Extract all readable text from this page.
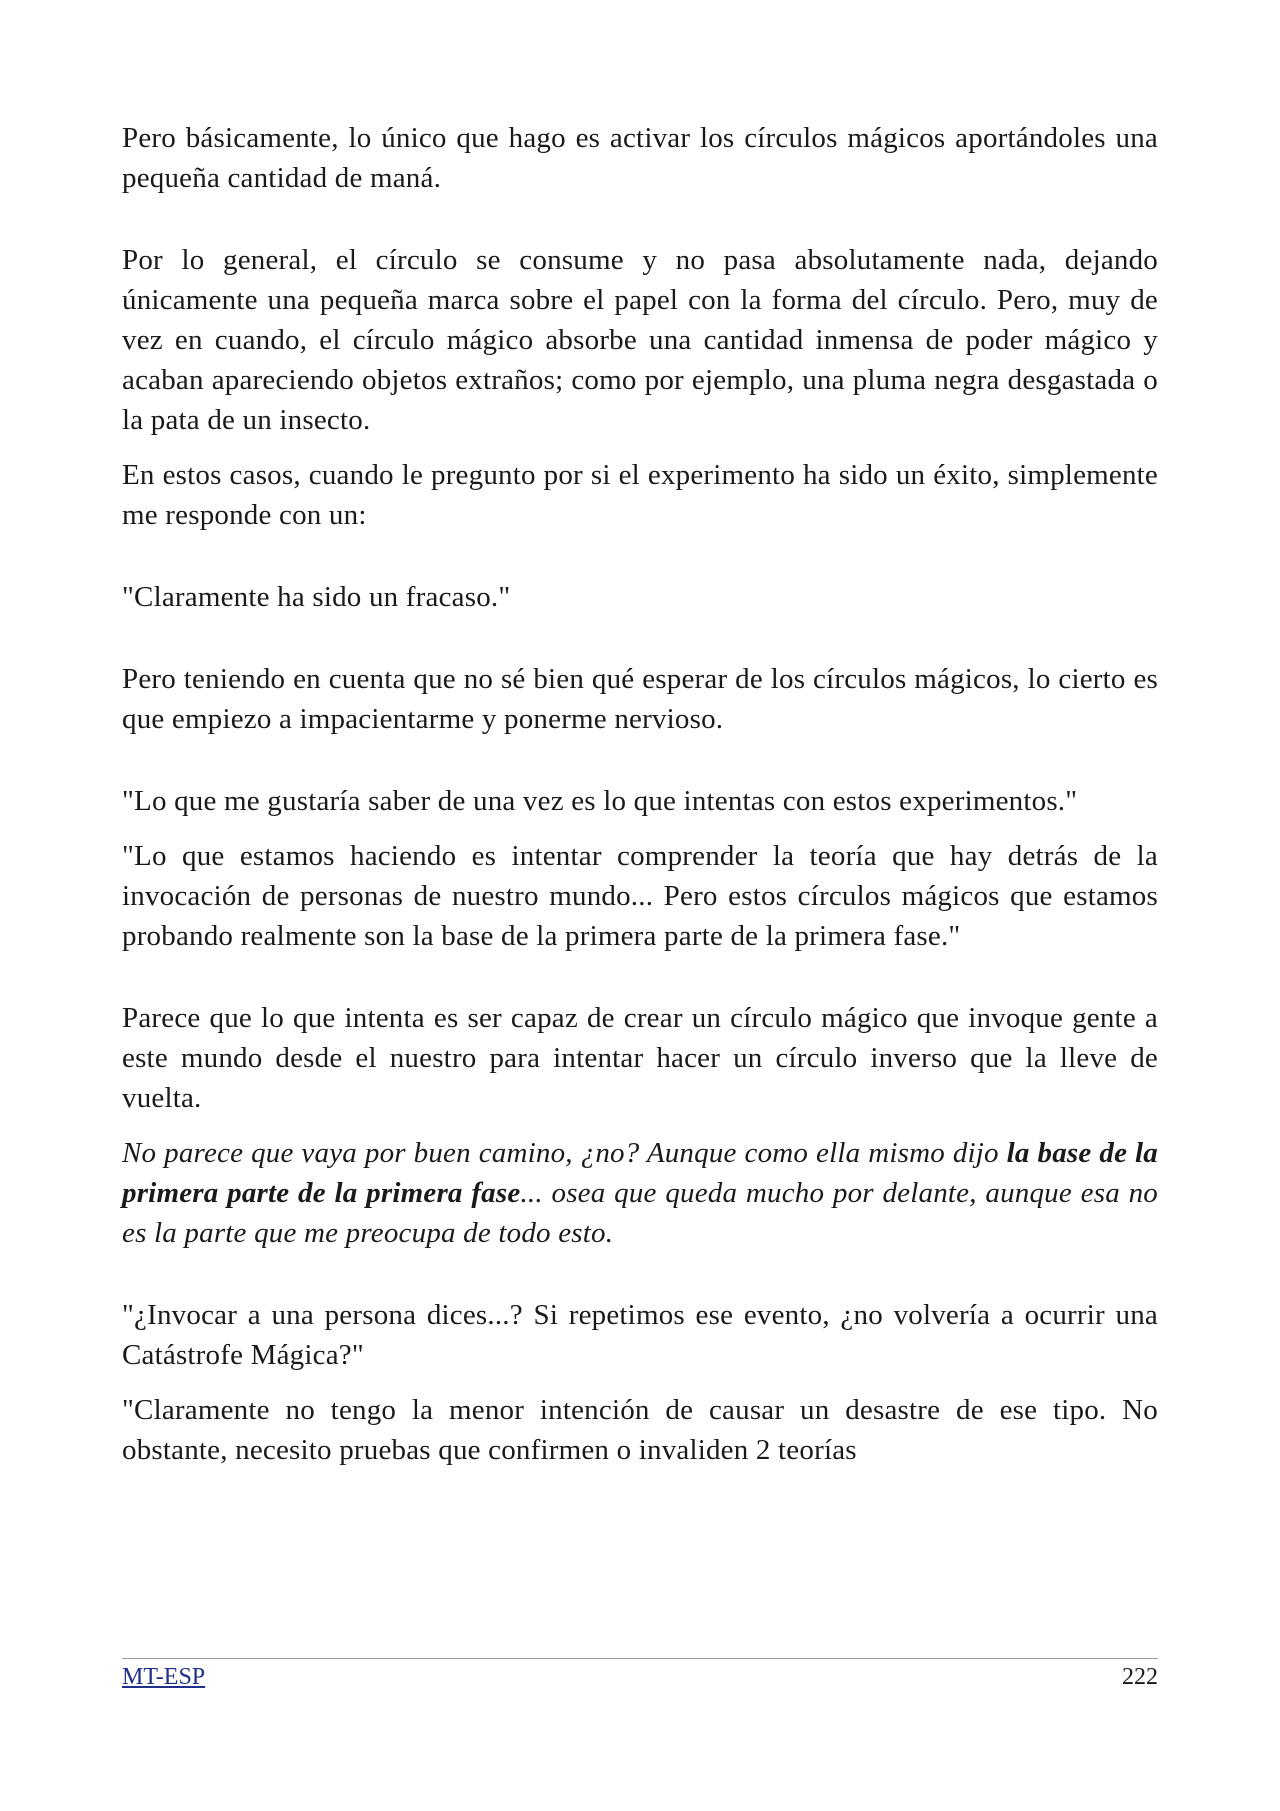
Pero básicamente, lo único que hago es activar los círculos mágicos aportándoles una pequeña cantidad de maná.

Por lo general, el círculo se consume y no pasa absolutamente nada, dejando únicamente una pequeña marca sobre el papel con la forma del círculo. Pero, muy de vez en cuando, el círculo mágico absorbe una cantidad inmensa de poder mágico y acaban apareciendo objetos extraños; como por ejemplo, una pluma negra desgastada o la pata de un insecto.

En estos casos, cuando le pregunto por si el experimento ha sido un éxito, simplemente me responde con un:

"Claramente ha sido un fracaso."

Pero teniendo en cuenta que no sé bien qué esperar de los círculos mágicos, lo cierto es que empiezo a impacientarme y ponerme nervioso.

"Lo que me gustaría saber de una vez es lo que intentas con estos experimentos."

"Lo que estamos haciendo es intentar comprender la teoría que hay detrás de la invocación de personas de nuestro mundo... Pero estos círculos mágicos que estamos probando realmente son la base de la primera parte de la primera fase."

Parece que lo que intenta es ser capaz de crear un círculo mágico que invoque gente a este mundo desde el nuestro para intentar hacer un círculo inverso que la lleve de vuelta.

No parece que vaya por buen camino, ¿no? Aunque como ella mismo dijo la base de la primera parte de la primera fase... osea que queda mucho por delante, aunque esa no es la parte que me preocupa de todo esto.

"¿Invocar a una persona dices...? Si repetimos ese evento, ¿no volvería a ocurrir una Catástrofe Mágica?"

"Claramente no tengo la menor intención de causar un desastre de ese tipo. No obstante, necesito pruebas que confirmen o invaliden 2 teorías

MT-ESP	222
